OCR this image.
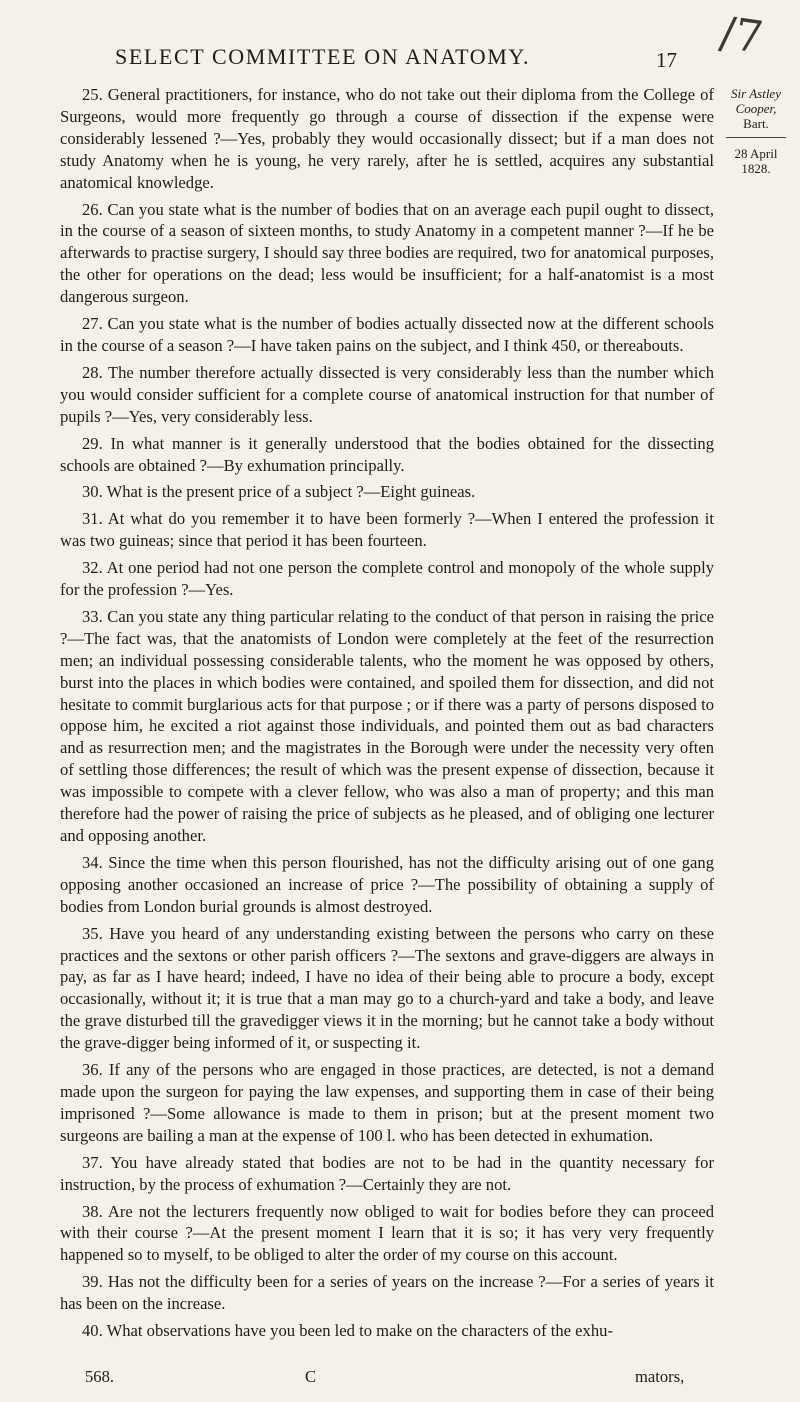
/7
SELECT COMMITTEE ON ANATOMY.	17
Sir Astley Cooper,
Bart.
28 April
1828.

25. General practitioners, for instance, who do not take out their diploma from the College of Surgeons, would more frequently go through a course of dissection if the expense were considerably lessened ?—Yes, probably they would occasionally dissect; but if a man does not study Anatomy when he is young, he very rarely, after he is settled, acquires any substantial anatomical knowledge.

26. Can you state what is the number of bodies that on an average each pupil ought to dissect, in the course of a season of sixteen months, to study Anatomy in a competent manner ?—If he be afterwards to practise surgery, I should say three bodies are required, two for anatomical purposes, the other for operations on the dead; less would be insufficient; for a half-anatomist is a most dangerous surgeon.

27. Can you state what is the number of bodies actually dissected now at the different schools in the course of a season ?—I have taken pains on the subject, and I think 450, or thereabouts.

28. The number therefore actually dissected is very considerably less than the number which you would consider sufficient for a complete course of anatomical instruction for that number of pupils ?—Yes, very considerably less.

29. In what manner is it generally understood that the bodies obtained for the dissecting schools are obtained ?—By exhumation principally.

30. What is the present price of a subject ?—Eight guineas.

31. At what do you remember it to have been formerly ?—When I entered the profession it was two guineas; since that period it has been fourteen.

32. At one period had not one person the complete control and monopoly of the whole supply for the profession ?—Yes.

33. Can you state any thing particular relating to the conduct of that person in raising the price ?—The fact was, that the anatomists of London were completely at the feet of the resurrection men; an individual possessing considerable talents, who the moment he was opposed by others, burst into the places in which bodies were contained, and spoiled them for dissection, and did not hesitate to commit burglarious acts for that purpose ; or if there was a party of persons disposed to oppose him, he excited a riot against those individuals, and pointed them out as bad characters and as resurrection men; and the magistrates in the Borough were under the necessity very often of settling those differences; the result of which was the present expense of dissection, because it was impossible to compete with a clever fellow, who was also a man of property; and this man therefore had the power of raising the price of subjects as he pleased, and of obliging one lecturer and opposing another.

34. Since the time when this person flourished, has not the difficulty arising out of one gang opposing another occasioned an increase of price ?—The possibility of obtaining a supply of bodies from London burial grounds is almost destroyed.

35. Have you heard of any understanding existing between the persons who carry on these practices and the sextons or other parish officers ?—The sextons and grave-diggers are always in pay, as far as I have heard; indeed, I have no idea of their being able to procure a body, except occasionally, without it; it is true that a man may go to a church-yard and take a body, and leave the grave disturbed till the gravedigger views it in the morning; but he cannot take a body without the grave-digger being informed of it, or suspecting it.

36. If any of the persons who are engaged in those practices, are detected, is not a demand made upon the surgeon for paying the law expenses, and supporting them in case of their being imprisoned ?—Some allowance is made to them in prison; but at the present moment two surgeons are bailing a man at the expense of 100 l. who has been detected in exhumation.

37. You have already stated that bodies are not to be had in the quantity necessary for instruction, by the process of exhumation ?—Certainly they are not.

38. Are not the lecturers frequently now obliged to wait for bodies before they can proceed with their course ?—At the present moment I learn that it is so; it has very very frequently happened so to myself, to be obliged to alter the order of my course on this account.

39. Has not the difficulty been for a series of years on the increase ?—For a series of years it has been on the increase.

40. What observations have you been led to make on the characters of the exhu-

568.	C	mators,
